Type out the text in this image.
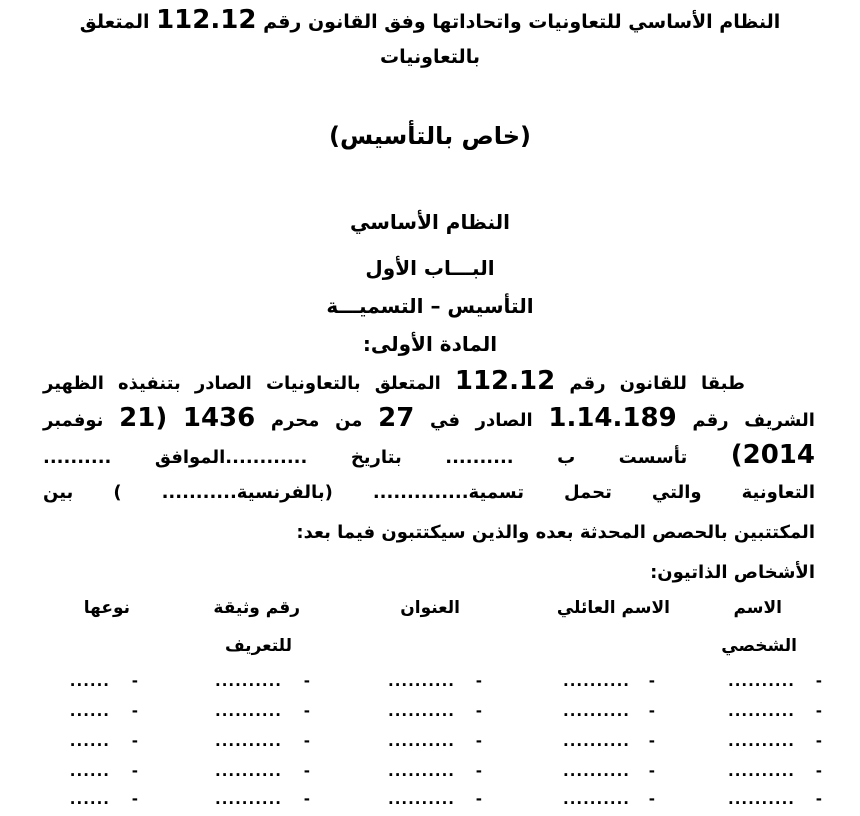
النظام الأساسي للتعاونيات واتحاداتها وفق القانون رقم 112.12 المتعلق
بالتعاونيات
(خاص بالتأسيس)
النظام الأساسي
البـــاب الأول
التأسيس – التسميـــة
المادة الأولى:
طبقا للقانون رقم 112.12 المتعلق بالتعاونيات الصادر بتنفيذه الظهير
الشريف رقم 1.14.189 الصادر في 27 من محرم 1436 (21 نوفمبر
2014) تأسست ب .......... بتاريخ ............الموافق ..........
التعاونية والتي تحمل تسمية.............. (بالفرنسية........... ) بين
المكتتبين بالحصص المحدثة بعده والذين سيكتتبون فيما بعد:
الأشخاص الذاتيون:
الاسم
الشخصي
الاسم العائلي
العنوان
رقم وثيقة
للتعريف
نوعها
-
..........
-
..........
-
..........
-
..........
-
......
-
..........
-
..........
-
..........
-
..........
-
......
-
..........
-
..........
-
..........
-
..........
-
......
-
..........
-
..........
-
..........
-
..........
-
......
-
..........
-
..........
-
..........
-
..........
-
......
